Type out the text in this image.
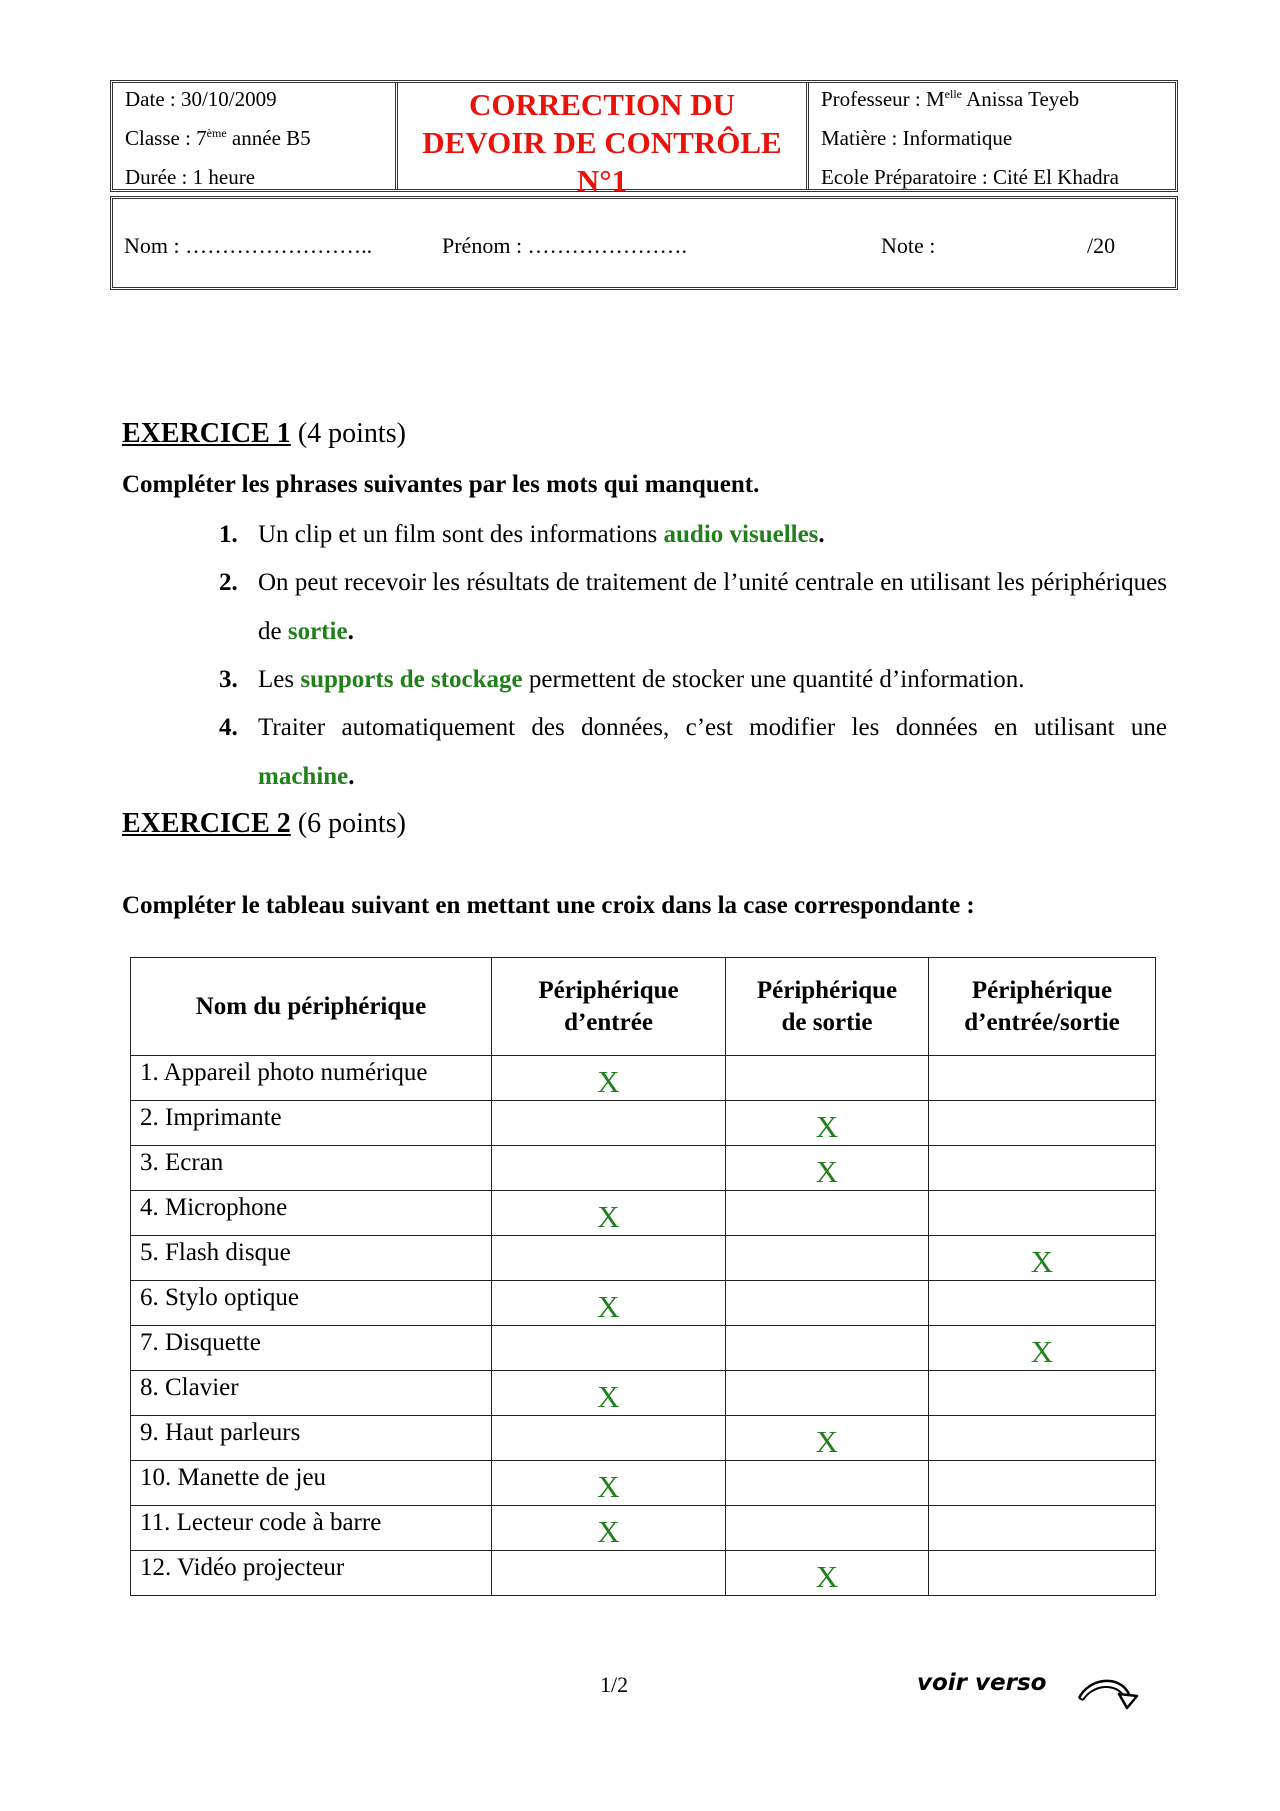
Date : 30/10/2009
Classe : 7ème année B5
Durée : 1 heure
CORRECTION DU
DEVOIR DE CONTRÔLE
N°1
Professeur : $M^{elle}$ Anissa Teyeb
Matière : Informatique
Ecole Préparatoire : Cité El Khadra
Nom : ……………………..	Prénom : ………………….	Note :	/20
EXERCICE 1 (4 points)
Compléter les phrases suivantes par les mots qui manquent.
1. Un clip et un film sont des informations audio visuelles.
2. On peut recevoir les résultats de traitement de l’unité centrale en utilisant les périphériques de sortie.
3. Les supports de stockage permettent de stocker une quantité d’information.
4. Traiter automatiquement des données, c’est modifier les données en utilisant une machine.
EXERCICE 2 (6 points)
Compléter le tableau suivant en mettant une croix dans la case correspondante :
Nom du périphérique	Périphérique d’entrée	Périphérique de sortie	Périphérique d’entrée/sortie
1. Appareil photo numérique	X		
2. Imprimante		X	
3. Ecran		X	
4. Microphone	X		
5. Flash disque			X
6. Stylo optique	X		
7. Disquette			X
8. Clavier	X		
9. Haut parleurs		X	
10. Manette de jeu	X		
11. Lecteur code à barre	X		
12. Vidéo projecteur		X	
1/2	voir verso
